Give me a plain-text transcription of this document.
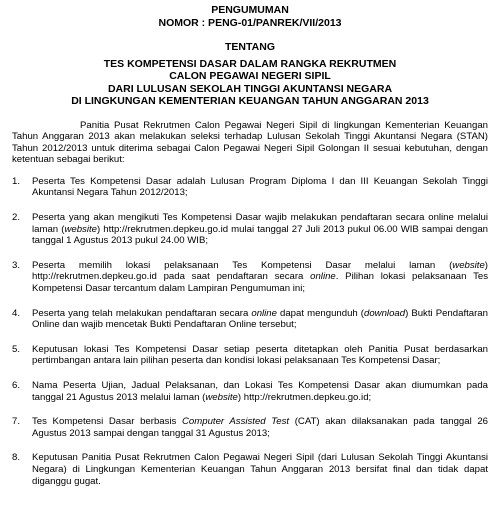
PENGUMUMAN
NOMOR : PENG-01/PANREK/VII/2013
TENTANG
TES KOMPETENSI DASAR DALAM RANGKA REKRUTMEN
CALON PEGAWAI NEGERI SIPIL
DARI LULUSAN SEKOLAH TINGGI AKUNTANSI NEGARA
DI LINGKUNGAN KEMENTERIAN KEUANGAN TAHUN ANGGARAN 2013

Panitia Pusat Rekrutmen Calon Pegawai Negeri Sipil di lingkungan Kementerian Keuangan Tahun Anggaran 2013 akan melakukan seleksi terhadap Lulusan Sekolah Tinggi Akuntansi Negara (STAN) Tahun 2012/2013 untuk diterima sebagai Calon Pegawai Negeri Sipil Golongan II sesuai kebutuhan, dengan ketentuan sebagai berikut:

1.	Peserta Tes Kompetensi Dasar adalah Lulusan Program Diploma I dan III Keuangan Sekolah Tinggi Akuntansi Negara Tahun 2012/2013;
2.	Peserta yang akan mengikuti Tes Kompetensi Dasar wajib melakukan pendaftaran secara online melalui laman (website) http://rekrutmen.depkeu.go.id mulai tanggal 27 Juli 2013 pukul 06.00 WIB sampai dengan tanggal 1 Agustus 2013 pukul 24.00 WIB;
3.	Peserta memilih lokasi pelaksanaan Tes Kompetensi Dasar melalui laman (website) http://rekrutmen.depkeu.go.id pada saat pendaftaran secara online. Pilihan lokasi pelaksanaan Tes Kompetensi Dasar tercantum dalam Lampiran Pengumuman ini;
4.	Peserta yang telah melakukan pendaftaran secara online dapat mengunduh (download) Bukti Pendaftaran Online dan wajib mencetak Bukti Pendaftaran Online tersebut;
5.	Keputusan lokasi Tes Kompetensi Dasar setiap peserta ditetapkan oleh Panitia Pusat berdasarkan pertimbangan antara lain pilihan peserta dan kondisi lokasi pelaksanaan Tes Kompetensi Dasar;
6.	Nama Peserta Ujian, Jadual Pelaksanan, dan Lokasi Tes Kompetensi Dasar akan diumumkan pada tanggal 21 Agustus 2013 melalui laman (website) http://rekrutmen.depkeu.go.id;
7.	Tes Kompetensi Dasar berbasis Computer Assisted Test (CAT) akan dilaksanakan pada tanggal 26 Agustus 2013 sampai dengan tanggal 31 Agustus 2013;
8.	Keputusan Panitia Pusat Rekrutmen Calon Pegawai Negeri Sipil (dari Lulusan Sekolah Tinggi Akuntansi Negara) di Lingkungan Kementerian Keuangan Tahun Anggaran 2013 bersifat final dan tidak dapat diganggu gugat.
